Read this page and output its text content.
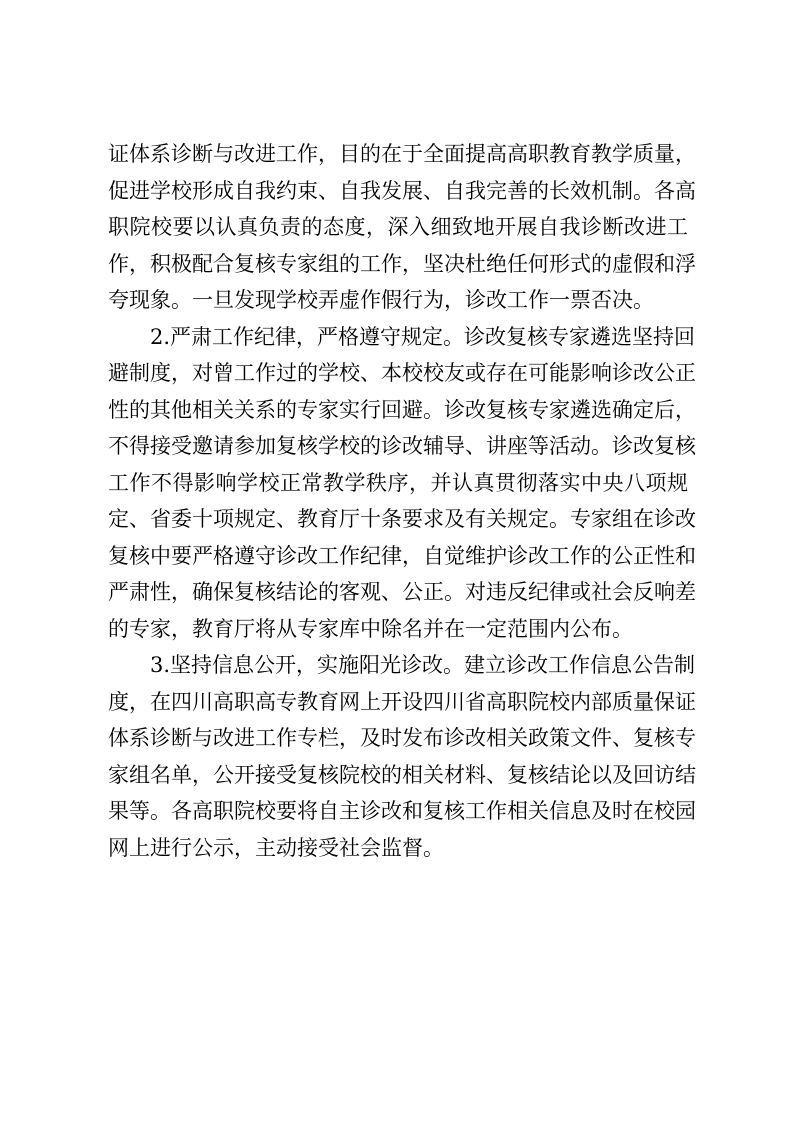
证体系诊断与改进工作，目的在于全面提高高职教育教学质量，
促进学校形成自我约束、自我发展、自我完善的长效机制。各高
职院校要以认真负责的态度，深入细致地开展自我诊断改进工
作，积极配合复核专家组的工作，坚决杜绝任何形式的虚假和浮
夸现象。一旦发现学校弄虚作假行为，诊改工作一票否决。
2.严肃工作纪律，严格遵守规定。诊改复核专家遴选坚持回
避制度，对曾工作过的学校、本校校友或存在可能影响诊改公正
性的其他相关关系的专家实行回避。诊改复核专家遴选确定后，
不得接受邀请参加复核学校的诊改辅导、讲座等活动。诊改复核
工作不得影响学校正常教学秩序，并认真贯彻落实中央八项规
定、省委十项规定、教育厅十条要求及有关规定。专家组在诊改
复核中要严格遵守诊改工作纪律，自觉维护诊改工作的公正性和
严肃性，确保复核结论的客观、公正。对违反纪律或社会反响差
的专家，教育厅将从专家库中除名并在一定范围内公布。
3.坚持信息公开，实施阳光诊改。建立诊改工作信息公告制
度，在四川高职高专教育网上开设四川省高职院校内部质量保证
体系诊断与改进工作专栏，及时发布诊改相关政策文件、复核专
家组名单，公开接受复核院校的相关材料、复核结论以及回访结
果等。各高职院校要将自主诊改和复核工作相关信息及时在校园
网上进行公示，主动接受社会监督。
